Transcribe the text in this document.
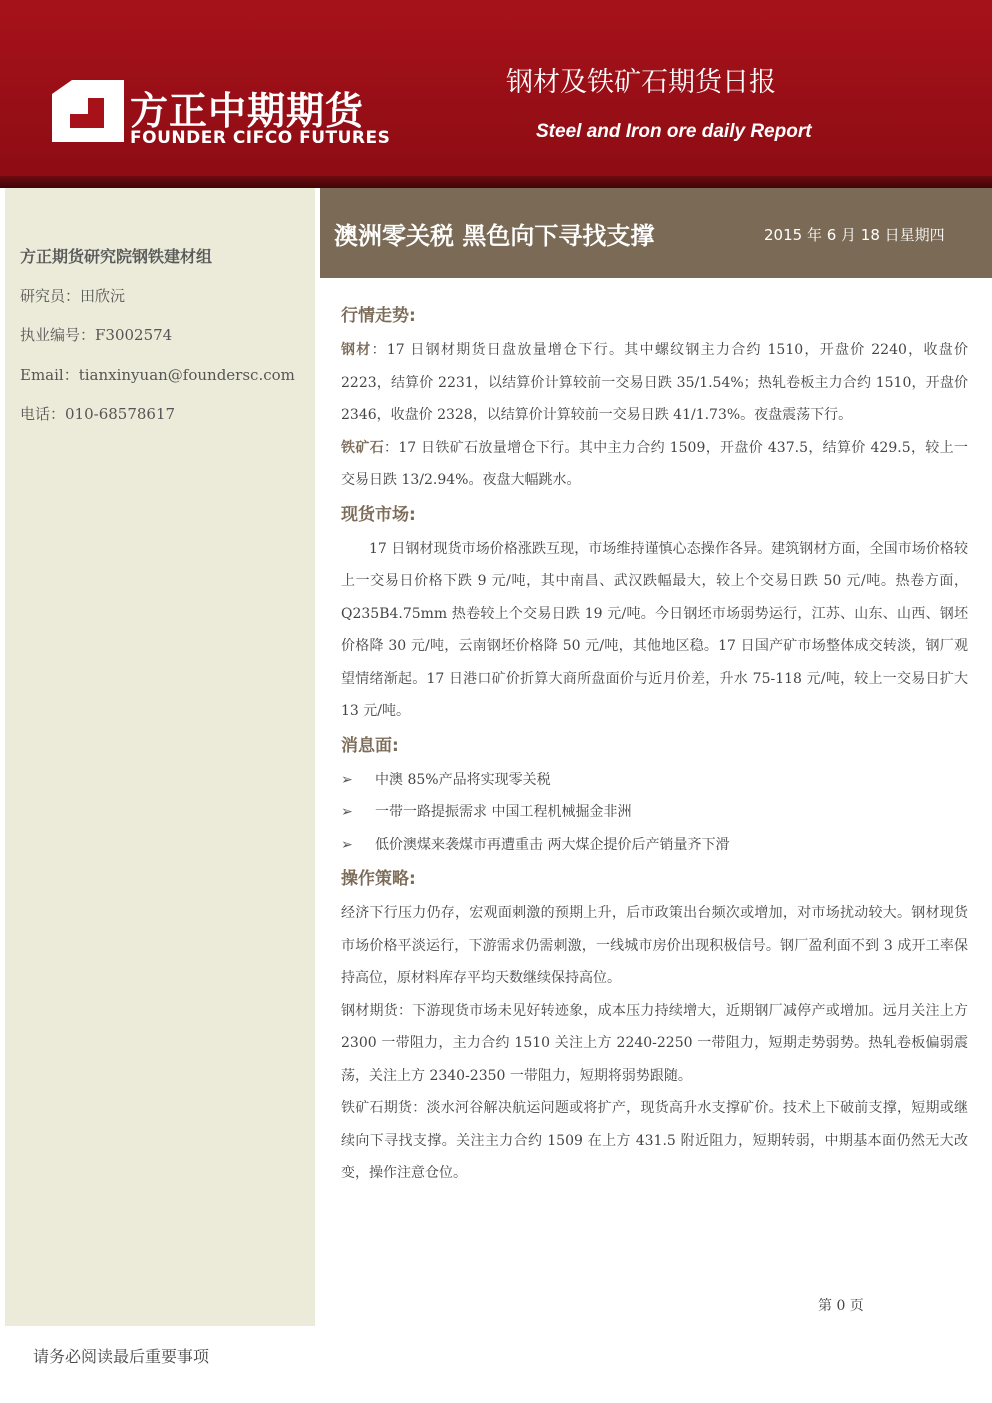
方正中期期货
FOUNDER CIFCO FUTURES
钢材及铁矿石期货日报
Steel and Iron ore daily Report
方正期货研究院钢铁建材组
研究员：田欣沅
执业编号：F3002574
Email：tianxinyuan@foundersc.com
电话：010-68578617
澳洲零关税 黑色向下寻找支撑	2015 年 6 月 18 日星期四
行情走势:

钢材：17 日钢材期货日盘放量增仓下行。其中螺纹钢主力合约 1510，开盘价 2240，收盘价 2223，结算价 2231，以结算价计算较前一交易日跌 35/1.54%；热轧卷板主力合约 1510，开盘价 2346，收盘价 2328，以结算价计算较前一交易日跌 41/1.73%。夜盘震荡下行。

铁矿石：17 日铁矿石放量增仓下行。其中主力合约 1509，开盘价 437.5，结算价 429.5，较上一交易日跌 13/2.94%。夜盘大幅跳水。

现货市场:

17 日钢材现货市场价格涨跌互现，市场维持谨慎心态操作各异。建筑钢材方面，全国市场价格较上一交易日价格下跌 9 元/吨，其中南昌、武汉跌幅最大，较上个交易日跌 50 元/吨。热卷方面，Q235B4.75mm 热卷较上个交易日跌 19 元/吨。今日钢坯市场弱势运行，江苏、山东、山西、钢坯价格降 30 元/吨，云南钢坯价格降 50 元/吨，其他地区稳。17 日国产矿市场整体成交转淡，钢厂观望情绪渐起。17 日港口矿价折算大商所盘面价与近月价差，升水 75-118 元/吨，较上一交易日扩大 13 元/吨。

消息面:
➢	中澳 85%产品将实现零关税
➢	一带一路提振需求 中国工程机械掘金非洲
➢	低价澳煤来袭煤市再遭重击 两大煤企提价后产销量齐下滑
操作策略:

经济下行压力仍存，宏观面刺激的预期上升，后市政策出台频次或增加，对市场扰动较大。钢材现货市场价格平淡运行，下游需求仍需刺激，一线城市房价出现积极信号。钢厂盈利面不到 3 成开工率保持高位，原材料库存平均天数继续保持高位。

钢材期货：下游现货市场未见好转迹象，成本压力持续增大，近期钢厂减停产或增加。远月关注上方 2300 一带阻力，主力合约 1510 关注上方 2240-2250 一带阻力，短期走势弱势。热轧卷板偏弱震荡，关注上方 2340-2350 一带阻力，短期将弱势跟随。

铁矿石期货：淡水河谷解决航运问题或将扩产，现货高升水支撑矿价。技术上下破前支撑，短期或继续向下寻找支撑。关注主力合约 1509 在上方 431.5 附近阻力，短期转弱，中期基本面仍然无大改变，操作注意仓位。

第 0 页
请务必阅读最后重要事项
